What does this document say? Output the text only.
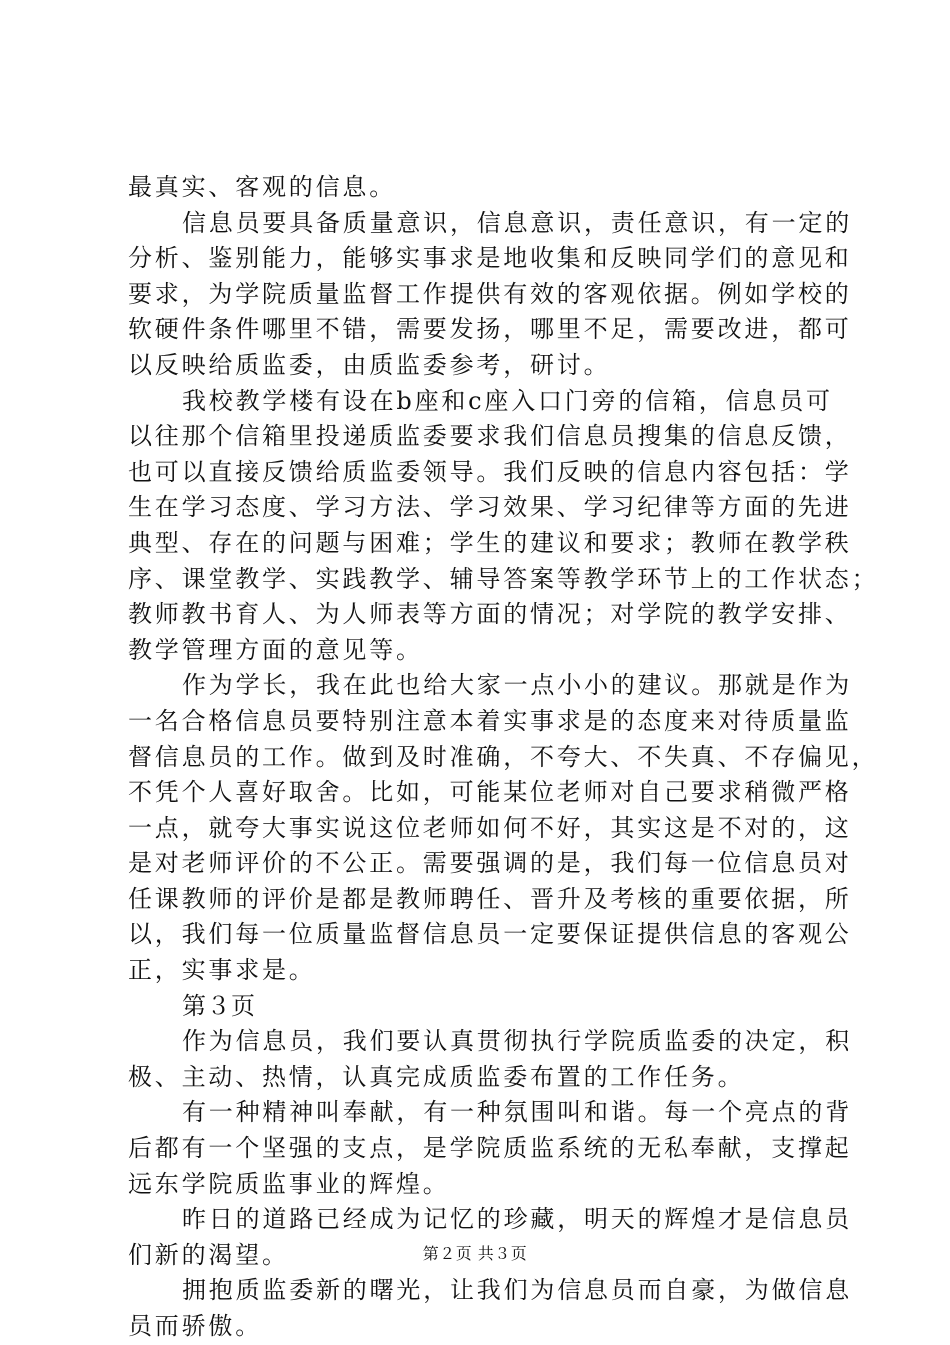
最真实、客观的信息。
信息员要具备质量意识，信息意识，责任意识，有一定的
分析、鉴别能力，能够实事求是地收集和反映同学们的意见和
要求，为学院质量监督工作提供有效的客观依据。例如学校的
软硬件条件哪里不错，需要发扬，哪里不足，需要改进，都可
以反映给质监委，由质监委参考，研讨。
我校教学楼有设在b座和c座入口门旁的信箱，信息员可
以往那个信箱里投递质监委要求我们信息员搜集的信息反馈，
也可以直接反馈给质监委领导。我们反映的信息内容包括：学
生在学习态度、学习方法、学习效果、学习纪律等方面的先进
典型、存在的问题与困难；学生的建议和要求；教师在教学秩
序、课堂教学、实践教学、辅导答案等教学环节上的工作状态；
教师教书育人、为人师表等方面的情况；对学院的教学安排、
教学管理方面的意见等。
作为学长，我在此也给大家一点小小的建议。那就是作为
一名合格信息员要特别注意本着实事求是的态度来对待质量监
督信息员的工作。做到及时准确，不夸大、不失真、不存偏见，
不凭个人喜好取舍。比如，可能某位老师对自己要求稍微严格
一点，就夸大事实说这位老师如何不好，其实这是不对的，这
是对老师评价的不公正。需要强调的是，我们每一位信息员对
任课教师的评价是都是教师聘任、晋升及考核的重要依据，所
以，我们每一位质量监督信息员一定要保证提供信息的客观公
正，实事求是。
第３页
作为信息员，我们要认真贯彻执行学院质监委的决定，积
极、主动、热情，认真完成质监委布置的工作任务。
有一种精神叫奉献，有一种氛围叫和谐。每一个亮点的背
后都有一个坚强的支点，是学院质监系统的无私奉献，支撑起
远东学院质监事业的辉煌。
昨日的道路已经成为记忆的珍藏，明天的辉煌才是信息员
们新的渴望。
拥抱质监委新的曙光，让我们为信息员而自豪，为做信息
员而骄傲。
第２页 共３页
